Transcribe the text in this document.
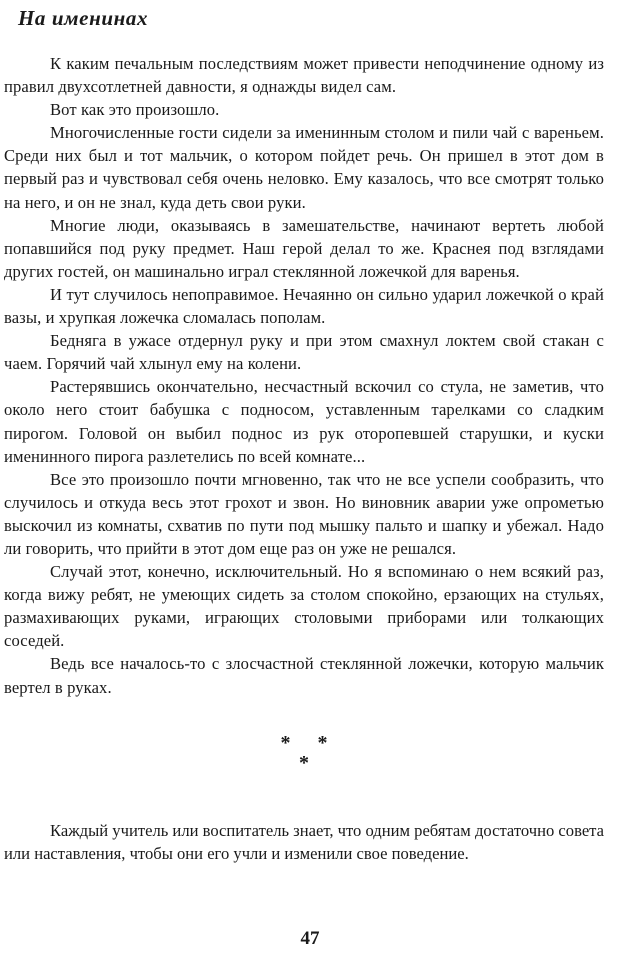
На именинах

К каким печальным последствиям может привести неподчинение одному из правил двухсотлетней давности, я однажды видел сам.

Вот как это произошло.

Многочисленные гости сидели за именинным столом и пили чай с вареньем. Среди них был и тот мальчик, о котором пойдет речь. Он пришел в этот дом в первый раз и чувствовал себя очень неловко. Ему казалось, что все смотрят только на него, и он не знал, куда деть свои руки.

Многие люди, оказываясь в замешательстве, начинают вертеть любой попавшийся под руку предмет. Наш герой делал то же. Краснея под взглядами других гостей, он машинально играл стеклянной ложечкой для варенья.

И тут случилось непоправимое. Нечаянно он сильно ударил ложечкой о край вазы, и хрупкая ложечка сломалась пополам.

Бедняга в ужасе отдернул руку и при этом смахнул локтем свой стакан с чаем. Горячий чай хлынул ему на колени.

Растерявшись окончательно, несчастный вскочил со стула, не заметив, что около него стоит бабушка с подносом, уставленным тарелками со сладким пирогом. Головой он выбил поднос из рук оторопевшей старушки, и куски именинного пирога разлетелись по всей комнате...

Все это произошло почти мгновенно, так что не все успели сообразить, что случилось и откуда весь этот грохот и звон. Но виновник аварии уже опрометью выскочил из комнаты, схватив по пути под мышку пальто и шапку и убежал. Надо ли говорить, что прийти в этот дом еще раз он уже не решался.

Случай этот, конечно, исключительный. Но я вспоминаю о нем всякий раз, когда вижу ребят, не умеющих сидеть за столом спокойно, ерзающих на стульях, размахивающих руками, играющих столовыми приборами или толкающих соседей.

Ведь все началось-то с злосчастной стеклянной ложечки, которую мальчик вертел в руках.

* *
*

Каждый учитель или воспитатель знает, что одним ребятам достаточно совета или наставления, чтобы они его учли и изменили свое поведение.

47
